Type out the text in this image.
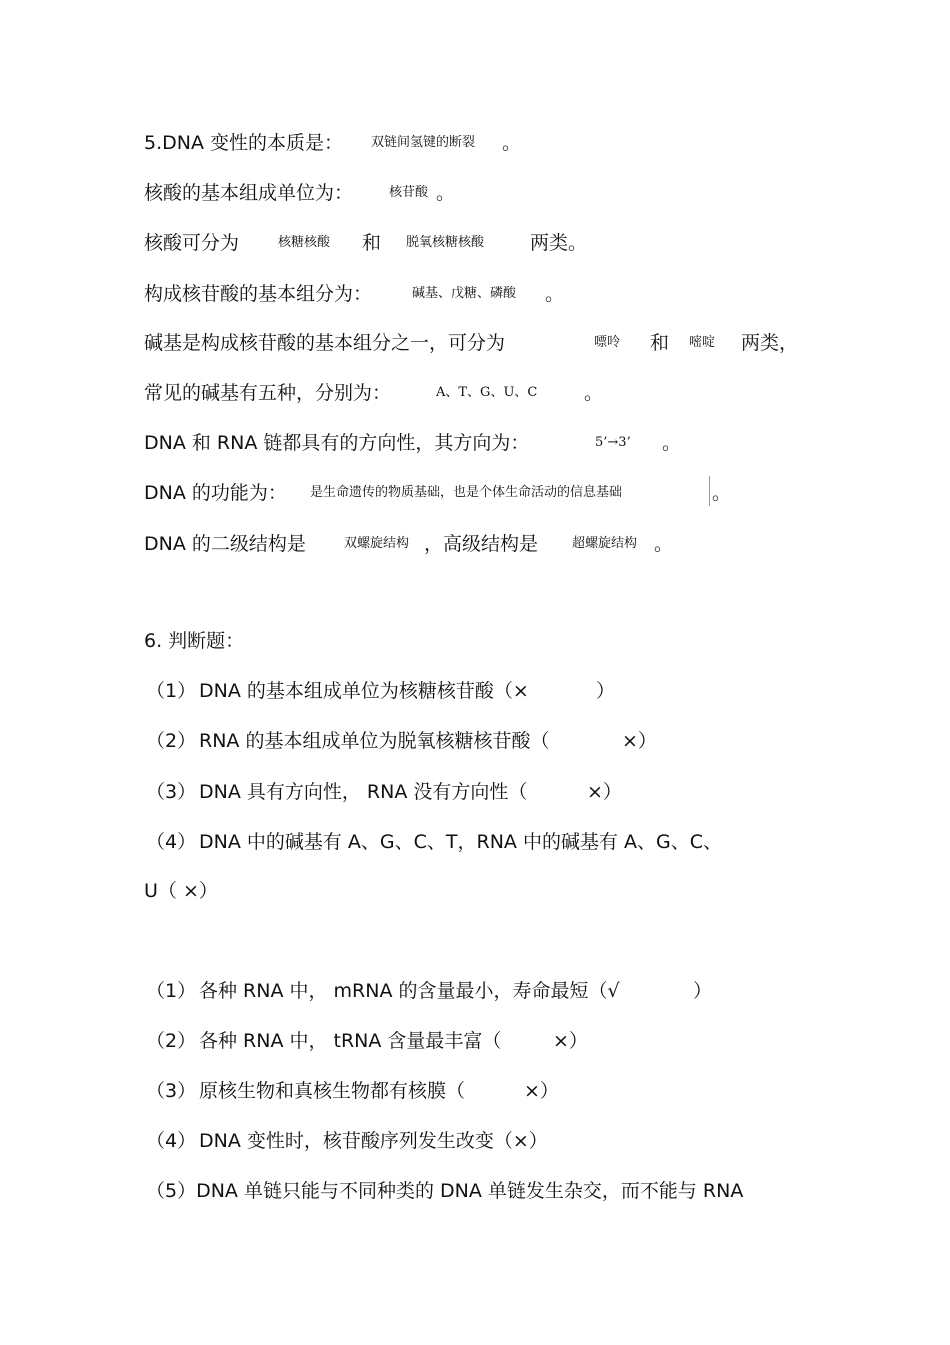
5.DNA 变性的本质是： 双链间氢键的断裂 。
核酸的基本组成单位为：	核苷酸 。
核酸可分为	核糖核酸 和 脱氧核糖核酸 两类。
构成核苷酸的基本组分为：	碱基、戊糖、磷酸 。
碱基是构成核苷酸的基本组分之一，可分为	嘌呤 和 嘧啶 两类，
常见的碱基有五种，分别为：	A、T、G、U、C 。
DNA 和 RNA 链都具有的方向性，其方向为：	5’→3’ 。
DNA 的功能为： 是生命遗传的物质基础，也是个体生命活动的信息基础	。
DNA 的二级结构是	双螺旋结构 ，高级结构是	超螺旋结构 。
6. 判断题：
（1） DNA 的基本组成单位为核糖核苷酸（×	）
（2） RNA 的基本组成单位为脱氧核糖核苷酸（	×）
（3） DNA 具有方向性， RNA 没有方向性（	×）
（4） DNA 中的碱基有 A、G、C、T，RNA 中的碱基有 A、G、C、
U（ ×）
（1） 各种 RNA 中， mRNA 的含量最小，寿命最短（√	）
（2） 各种 RNA 中， tRNA 含量最丰富（	×）
（3） 原核生物和真核生物都有核膜（	×）
（4） DNA 变性时，核苷酸序列发生改变（×）
（5）DNA 单链只能与不同种类的 DNA 单链发生杂交，而不能与 RNA
